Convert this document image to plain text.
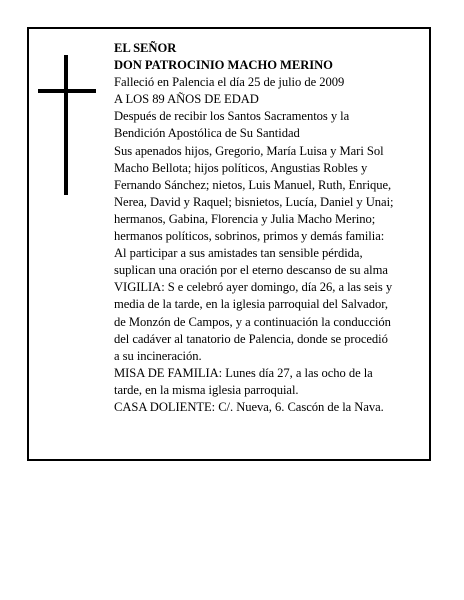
EL SEÑOR
DON PATROCINIO MACHO MERINO
Falleció en Palencia el día 25 de julio de 2009
A LOS 89 AÑOS DE EDAD
Después de recibir los Santos Sacramentos y la
Bendición Apostólica de Su Santidad
Sus apenados hijos, Gregorio, María Luisa y Mari Sol
Macho Bellota; hijos políticos, Angustias Robles y
Fernando Sánchez; nietos, Luis Manuel, Ruth, Enrique,
Nerea, David y Raquel; bisnietos, Lucía, Daniel y Unai;
hermanos, Gabina, Florencia y Julia Macho Merino;
hermanos políticos, sobrinos, primos y demás familia:
Al participar a sus amistades tan sensible pérdida,
suplican una oración por el eterno descanso de su alma
VIGILIA: S e celebró ayer domingo, día 26, a las seis y
media de la tarde, en la iglesia parroquial del Salvador,
de Monzón de Campos, y a continuación la conducción
del cadáver al tanatorio de Palencia, donde se procedió
a su incineración.
MISA DE FAMILIA: Lunes día 27, a las ocho de la
tarde, en la misma iglesia parroquial.
CASA DOLIENTE: C/. Nueva, 6. Cascón de la Nava.
